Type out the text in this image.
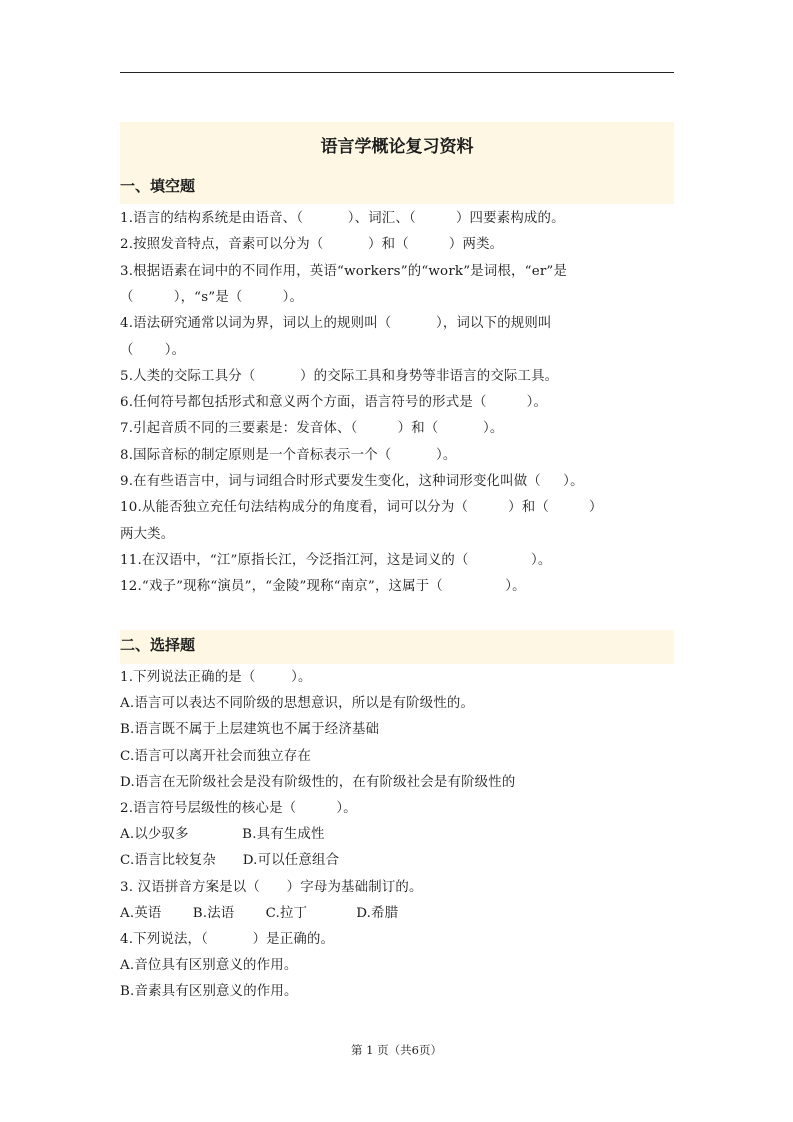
语言学概论复习资料
一、填空题
1.语言的结构系统是由语音、（          ）、词汇、（         ）四要素构成的。
2.按照发音特点，音素可以分为（          ）和（         ）两类。
3.根据语素在词中的不同作用，英语“workers”的“work”是词根，“er”是
（         ），“s”是（         ）。
4.语法研究通常以词为界，词以上的规则叫（          ），词以下的规则叫
（       ）。
5.人类的交际工具分（          ）的交际工具和身势等非语言的交际工具。
6.任何符号都包括形式和意义两个方面，语言符号的形式是（         ）。
7.引起音质不同的三要素是：发音体、（         ）和（          ）。
8.国际音标的制定原则是一个音标表示一个（          ）。
9.在有些语言中，词与词组合时形式要发生变化，这种词形变化叫做（     ）。
10.从能否独立充任句法结构成分的角度看，词可以分为（         ）和（         ）
两大类。
11.在汉语中，“江”原指长江，今泛指江河，这是词义的（              ）。
12.“戏子”现称“演员”，“金陵”现称“南京”，这属于（              ）。
二、选择题
1.下列说法正确的是（        ）。
A.语言可以表达不同阶级的思想意识，所以是有阶级性的。
B.语言既不属于上层建筑也不属于经济基础
C.语言可以离开社会而独立存在
D.语言在无阶级社会是没有阶级性的，在有阶级社会是有阶级性的
2.语言符号层级性的核心是（         ）。
A.以少驭多            B.具有生成性
C.语言比较复杂      D.可以任意组合
3. 汉语拼音方案是以（      ）字母为基础制订的。
A.英语       B.法语       C.拉丁           D.希腊
4.下列说法，（          ）是正确的。
A.音位具有区别意义的作用。
B.音素具有区别意义的作用。
第 1 页（共6页）
